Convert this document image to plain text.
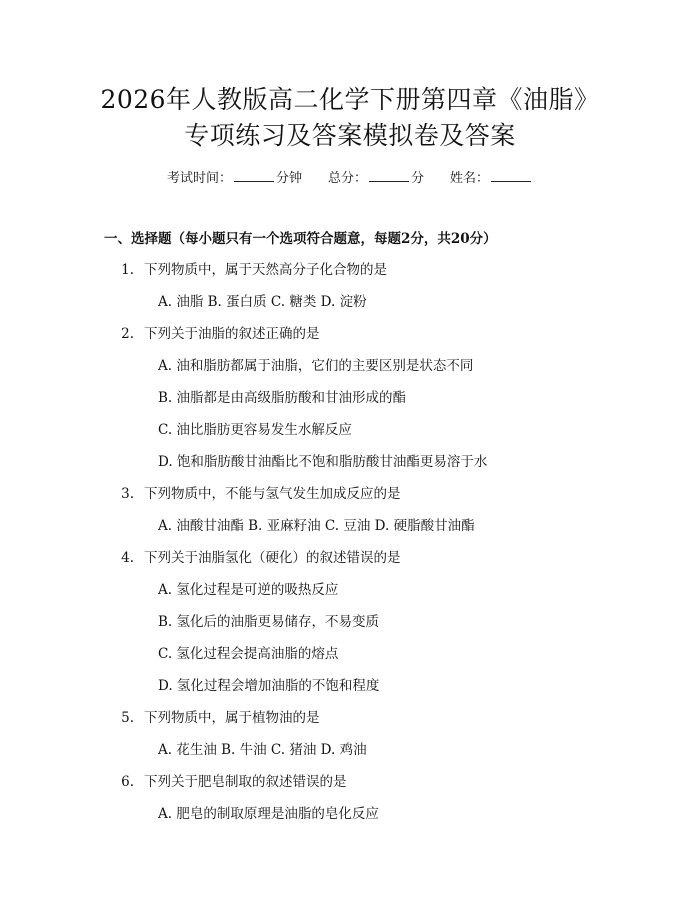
2026年人教版高二化学下册第四章《油脂》
专项练习及答案模拟卷及答案
考试时间：	分钟 总分：	分 姓名：
一、选择题（每小题只有一个选项符合题意，每题2分，共20分）
1. 下列物质中，属于天然高分子化合物的是
A. 油脂 B. 蛋白质 C. 糖类 D. 淀粉
2. 下列关于油脂的叙述正确的是
A. 油和脂肪都属于油脂，它们的主要区别是状态不同
B. 油脂都是由高级脂肪酸和甘油形成的酯
C. 油比脂肪更容易发生水解反应
D. 饱和脂肪酸甘油酯比不饱和脂肪酸甘油酯更易溶于水
3. 下列物质中，不能与氢气发生加成反应的是
A. 油酸甘油酯 B. 亚麻籽油 C. 豆油 D. 硬脂酸甘油酯
4. 下列关于油脂氢化（硬化）的叙述错误的是
A. 氢化过程是可逆的吸热反应
B. 氢化后的油脂更易储存，不易变质
C. 氢化过程会提高油脂的熔点
D. 氢化过程会增加油脂的不饱和程度
5. 下列物质中，属于植物油的是
A. 花生油 B. 牛油 C. 猪油 D. 鸡油
6. 下列关于肥皂制取的叙述错误的是
A. 肥皂的制取原理是油脂的皂化反应
